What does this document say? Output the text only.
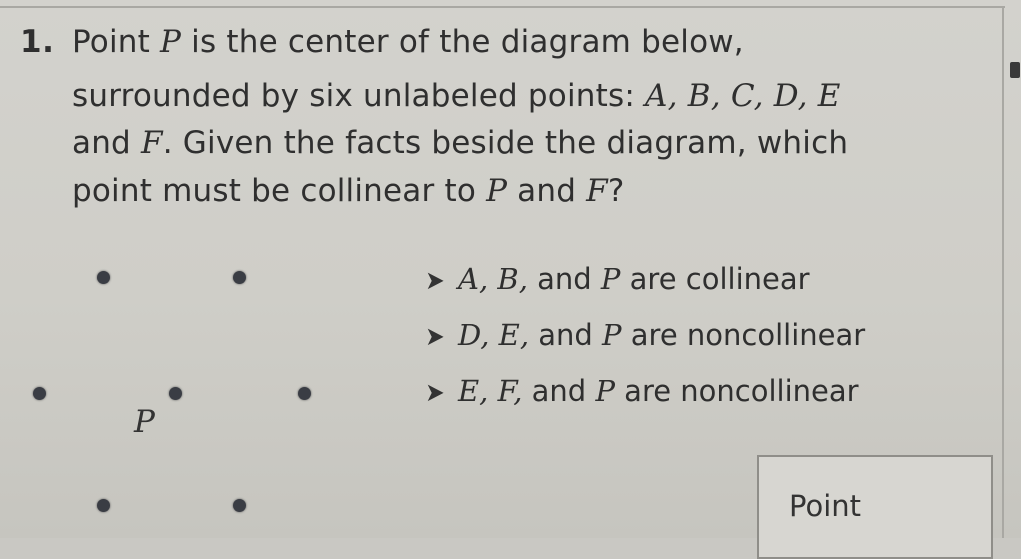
1. Point P is the center of the diagram below,
surrounded by six unlabeled points: A, B, C, D, E
and F. Given the facts beside the diagram, which
point must be collinear to P and F?
P
➤ A, B, and P are collinear
➤ D, E, and P are noncollinear
➤ E, F, and P are noncollinear
Point
